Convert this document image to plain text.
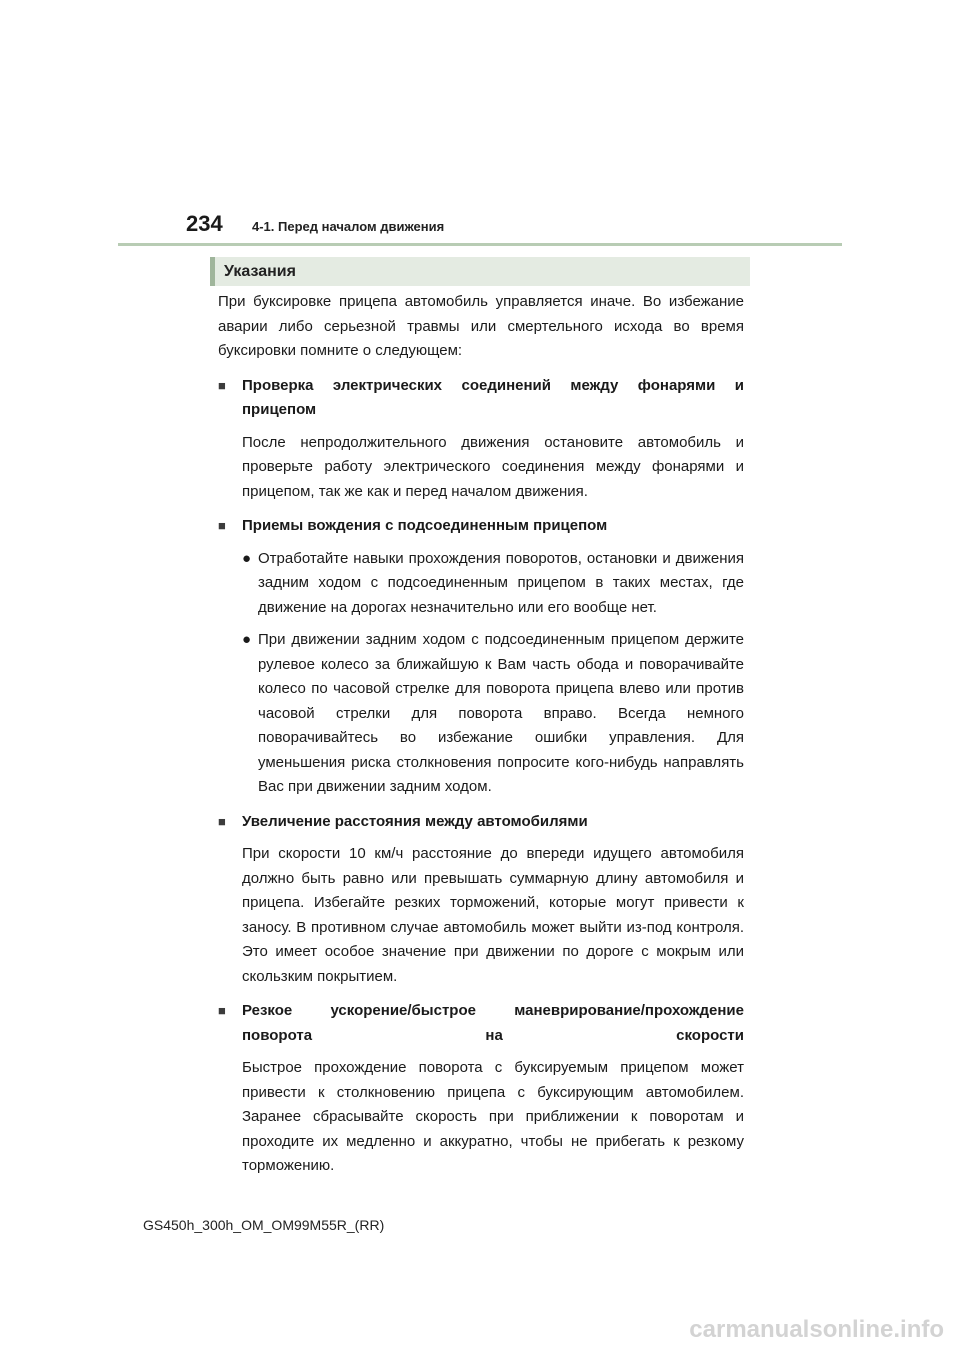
234 4-1. Перед началом движения
Указания

При буксировке прицепа автомобиль управляется иначе. Во избежание аварии либо серьезной травмы или смертельного исхода во время буксировки помните о следующем:

■	Проверка электрических соединений между фонарями и прицепом

После непродолжительного движения остановите автомобиль и проверьте работу электрического соединения между фонарями и прицепом, так же как и перед началом движения.

■	Приемы вождения с подсоединенным прицепом
● Отработайте навыки прохождения поворотов, остановки и движения задним ходом с подсоединенным прицепом в таких местах, где движение на дорогах незначительно или его вообще нет.
● При движении задним ходом с подсоединенным прицепом держите рулевое колесо за ближайшую к Вам часть обода и поворачивайте колесо по часовой стрелке для поворота прицепа влево или против часовой стрелки для поворота вправо. Всегда немного поворачивайтесь во избежание ошибки управления. Для уменьшения риска столкновения попросите кого-нибудь направлять Вас при движении задним ходом.
■	Увеличение расстояния между автомобилями

При скорости 10 км/ч расстояние до впереди идущего автомобиля должно быть равно или превышать суммарную длину автомобиля и прицепа. Избегайте резких торможений, которые могут привести к заносу. В противном случае автомобиль может выйти из-под контроля. Это имеет особое значение при движении по дороге с мокрым или скользким покрытием.

■	Резкое ускорение/быстрое маневрирование/прохождение поворота на скорости

Быстрое прохождение поворота с буксируемым прицепом может привести к столкновению прицепа с буксирующим автомобилем. Заранее сбрасывайте скорость при приближении к поворотам и проходите их медленно и аккуратно, чтобы не прибегать к резкому торможению.

GS450h_300h_OM_OM99M55R_(RR)
carmanualsonline.info
